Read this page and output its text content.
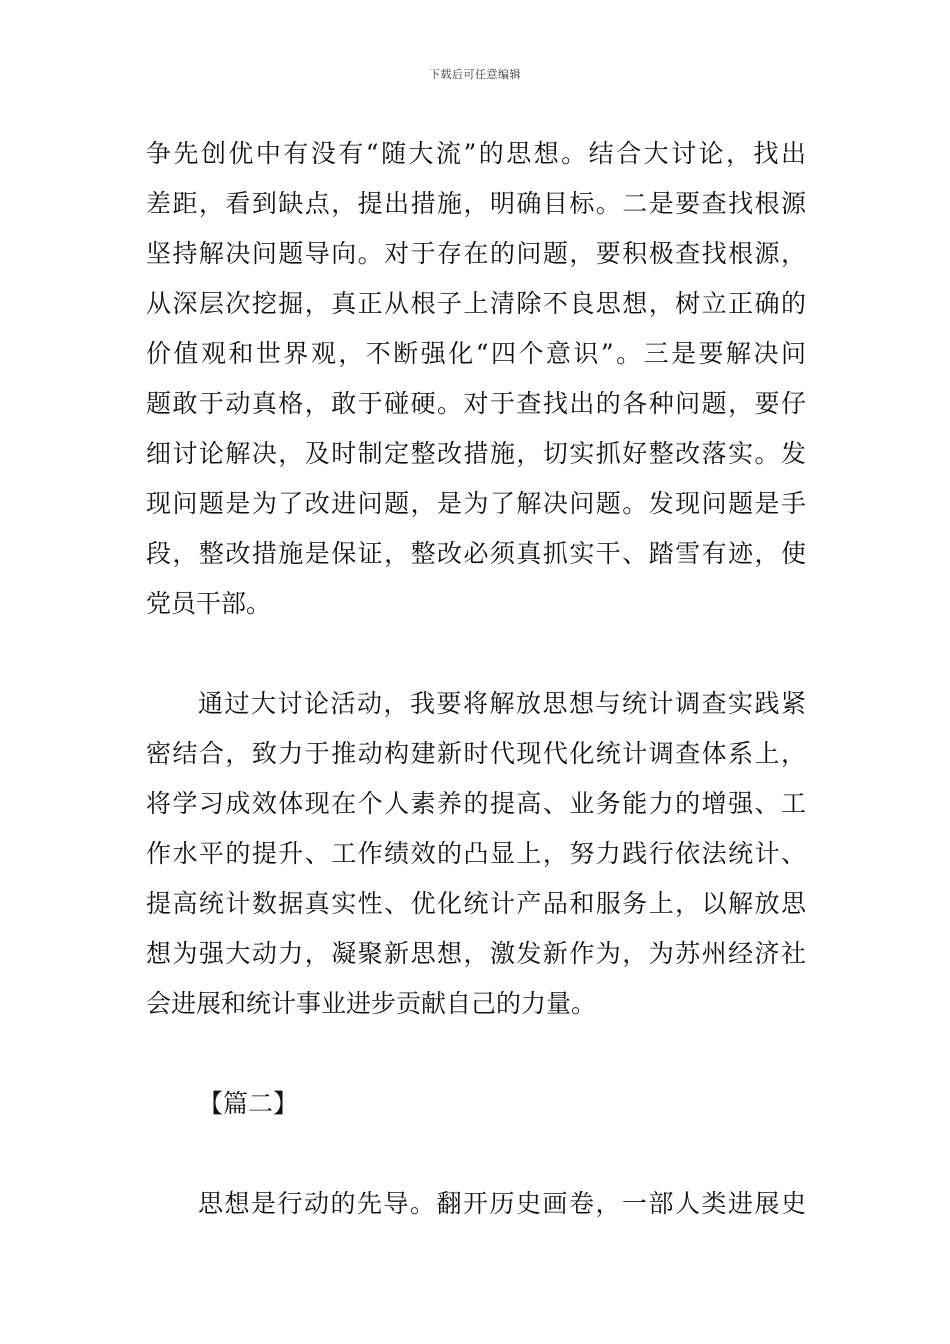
下载后可任意编辑
争先创优中有没有“随大流”的思想。结合大讨论，找出
差距，看到缺点，提出措施，明确目标。二是要查找根源
坚持解决问题导向。对于存在的问题，要积极查找根源，
从深层次挖掘，真正从根子上清除不良思想，树立正确的
价值观和世界观，不断强化“四个意识”。三是要解决问
题敢于动真格，敢于碰硬。对于查找出的各种问题，要仔
细讨论解决，及时制定整改措施，切实抓好整改落实。发
现问题是为了改进问题，是为了解决问题。发现问题是手
段，整改措施是保证，整改必须真抓实干、踏雪有迹，使
党员干部。
通过大讨论活动，我要将解放思想与统计调查实践紧
密结合，致力于推动构建新时代现代化统计调查体系上，
将学习成效体现在个人素养的提高、业务能力的增强、工
作水平的提升、工作绩效的凸显上，努力践行依法统计、
提高统计数据真实性、优化统计产品和服务上，以解放思
想为强大动力，凝聚新思想，激发新作为，为苏州经济社
会进展和统计事业进步贡献自己的力量。
【篇二】
思想是行动的先导。翻开历史画卷，一部人类进展史
